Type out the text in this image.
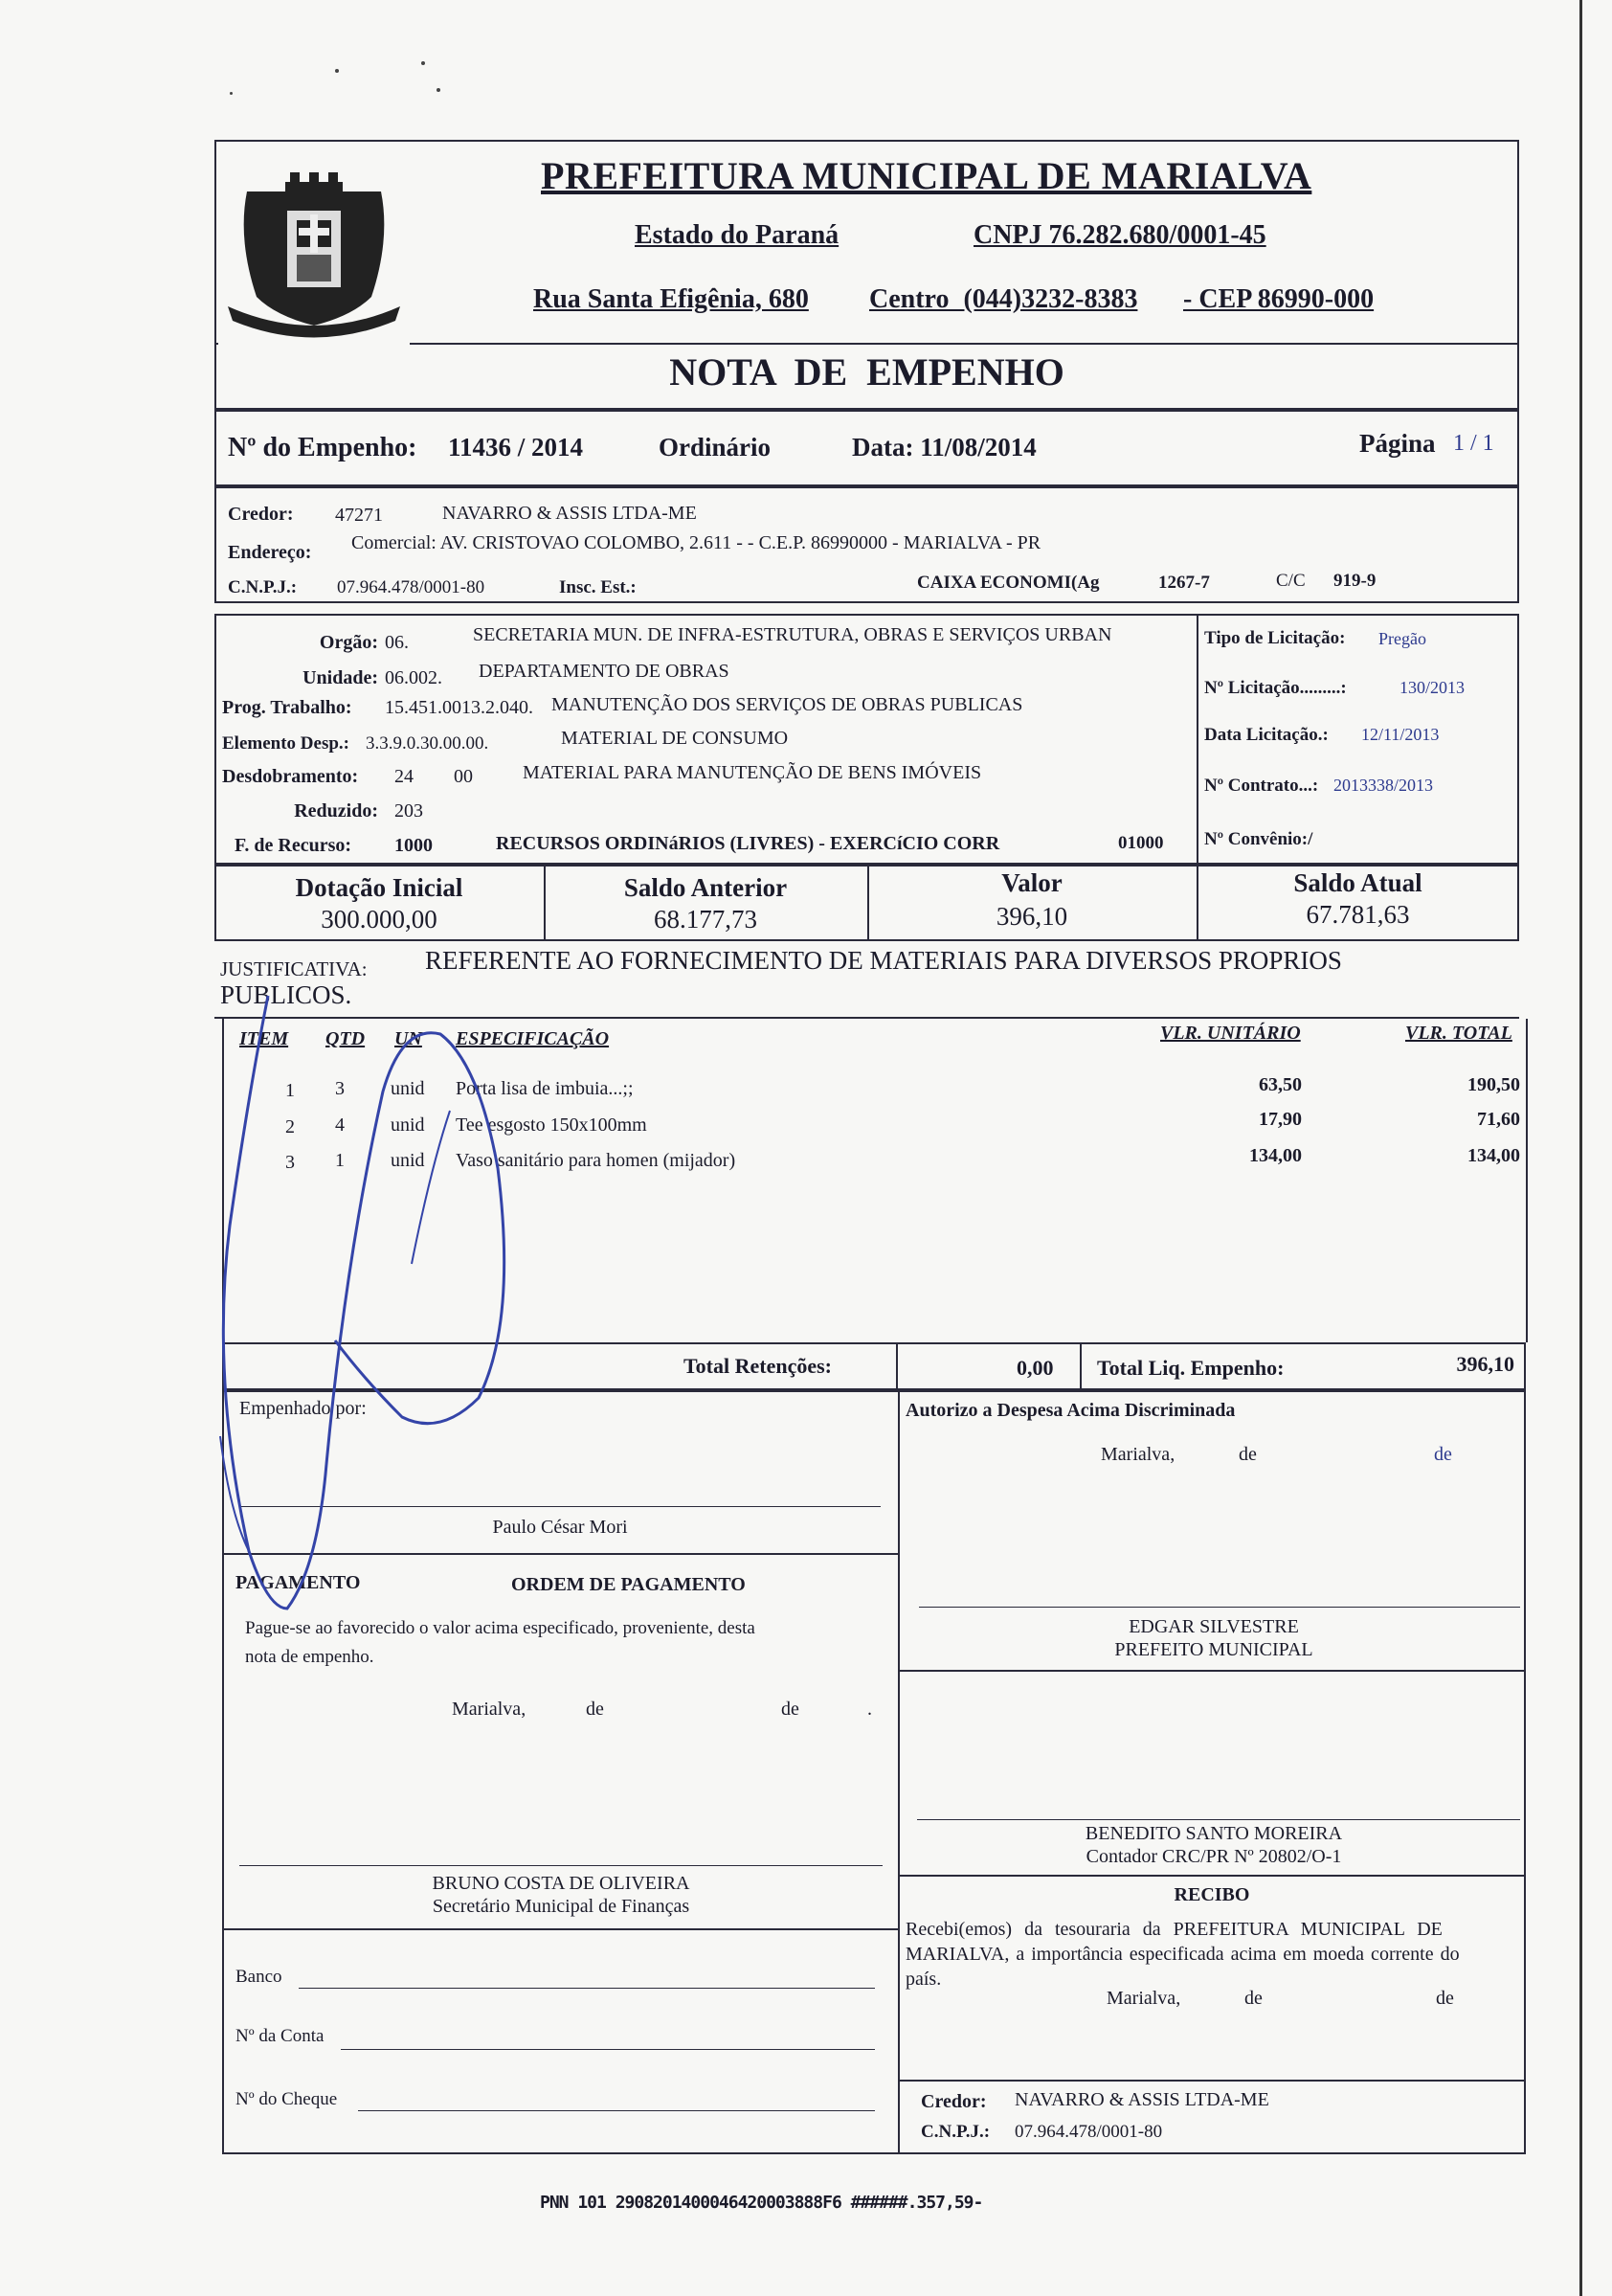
PREFEITURA MUNICIPAL DE MARIALVA
Estado do Paraná	CNPJ 76.282.680/0001-45
Rua Santa Efigênia, 680 Centro (044)3232-8383 - CEP 86990-000
NOTA DE EMPENHO
Nº do Empenho: 11436 / 2014	Ordinário	Data: 11/08/2014	Página 1 / 1
Credor: 47271	NAVARRO & ASSIS LTDA-ME
Endereço: Comercial: AV. CRISTOVAO COLOMBO, 2.611 - - C.E.P. 86990000 - MARIALVA - PR
C.N.P.J.: 07.964.478/0001-80	Insc. Est.:	CAIXA ECONOMI(Ag	1267-7	C/C 919-9
Orgão: 06.	SECRETARIA MUN. DE INFRA-ESTRUTURA, OBRAS E SERVIÇOS URBAN
Unidade: 06.002. DEPARTAMENTO DE OBRAS
Prog. Trabalho: 15.451.0013.2.040. MANUTENÇÃO DOS SERVIÇOS DE OBRAS PUBLICAS
Elemento Desp.: 3.3.9.0.30.00.00.	MATERIAL DE CONSUMO
Desdobramento: 24 00	MATERIAL PARA MANUTENÇÃO DE BENS IMÓVEIS
Reduzido: 203
F. de Recurso: 1000	RECURSOS ORDINáRIOS (LIVRES) - EXERCíCIO CORR	01000
Tipo de Licitação: Pregão
Nº Licitação.........:	130/2013
Data Licitação.: 12/11/2013
Nº Contrato...: 2013338/2013
Nº Convênio:/
Dotação Inicial
300.000,00
Saldo Anterior
68.177,73
Valor
396,10
Saldo Atual
67.781,63
JUSTIFICATIVA: REFERENTE AO FORNECIMENTO DE MATERIAIS PARA DIVERSOS PROPRIOS
PUBLICOS.
ITEM QTD UN ESPECIFICAÇÃO	VLR. UNITÁRIO	VLR. TOTAL
1 3 unid Porta lisa de imbuia...;;	63,50	190,50
2 4 unid Tee esgosto 150x100mm	17,90	71,60
3 1 unid Vaso sanitário para homen (mijador)	134,00	134,00
Total Retenções:	0,00 Total Liq. Empenho:	396,10
Empenhado por:
Paulo César Mori
Autorizo a Despesa Acima Discriminada
Marialva,	de	de
PAGAMENTO	ORDEM DE PAGAMENTO
Pague-se ao favorecido o valor acima especificado, proveniente, desta
nota de empenho.
Marialva,	de	de	.
EDGAR SILVESTRE
PREFEITO MUNICIPAL
BENEDITO SANTO MOREIRA
Contador CRC/PR Nº 20802/O-1
BRUNO COSTA DE OLIVEIRA
Secretário Municipal de Finanças
RECIBO
Recebi(emos) da tesouraria da PREFEITURA MUNICIPAL DE
MARIALVA, a importância especificada acima em moeda corrente do
país.
Marialva,	de	de
Banco
Nº da Conta
Nº do Cheque	Credor: NAVARRO & ASSIS LTDA-ME
C.N.P.J.: 07.964.478/0001-80
PNN 101 2908201400046420003888F6 ######.357,59-
